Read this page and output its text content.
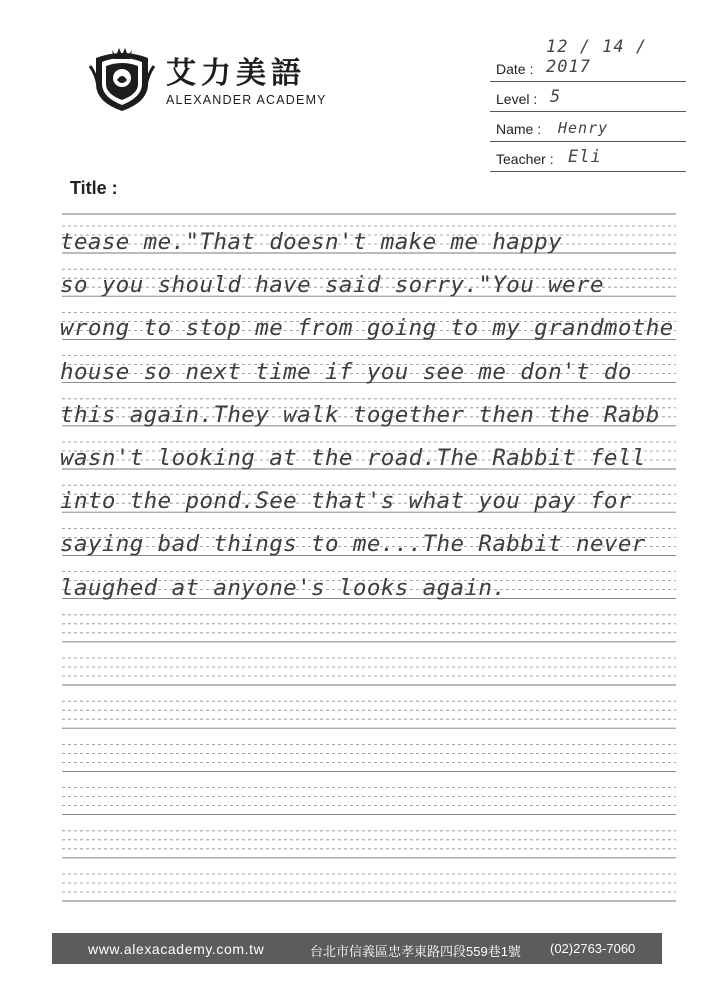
艾力美語
ALEXANDER ACADEMY
Date :
12 / 14 / 2017
Level : 5
Name : Henry
Teacher : Eli
Title :
tease me."That doesn't make me happy
so you should have said sorry."You were
wrong to stop me from going to my grandmothe
house so next time if you see me don't do
this again.They walk together then the Rabb
wasn't looking at the road.The Rabbit fell
into the pond.See that's what you pay for
saying bad things to me...The Rabbit never
laughed at anyone's looks again.
www.alexacademy.com.tw	台北市信義區忠孝東路四段559巷1號 (02)2763-7060
